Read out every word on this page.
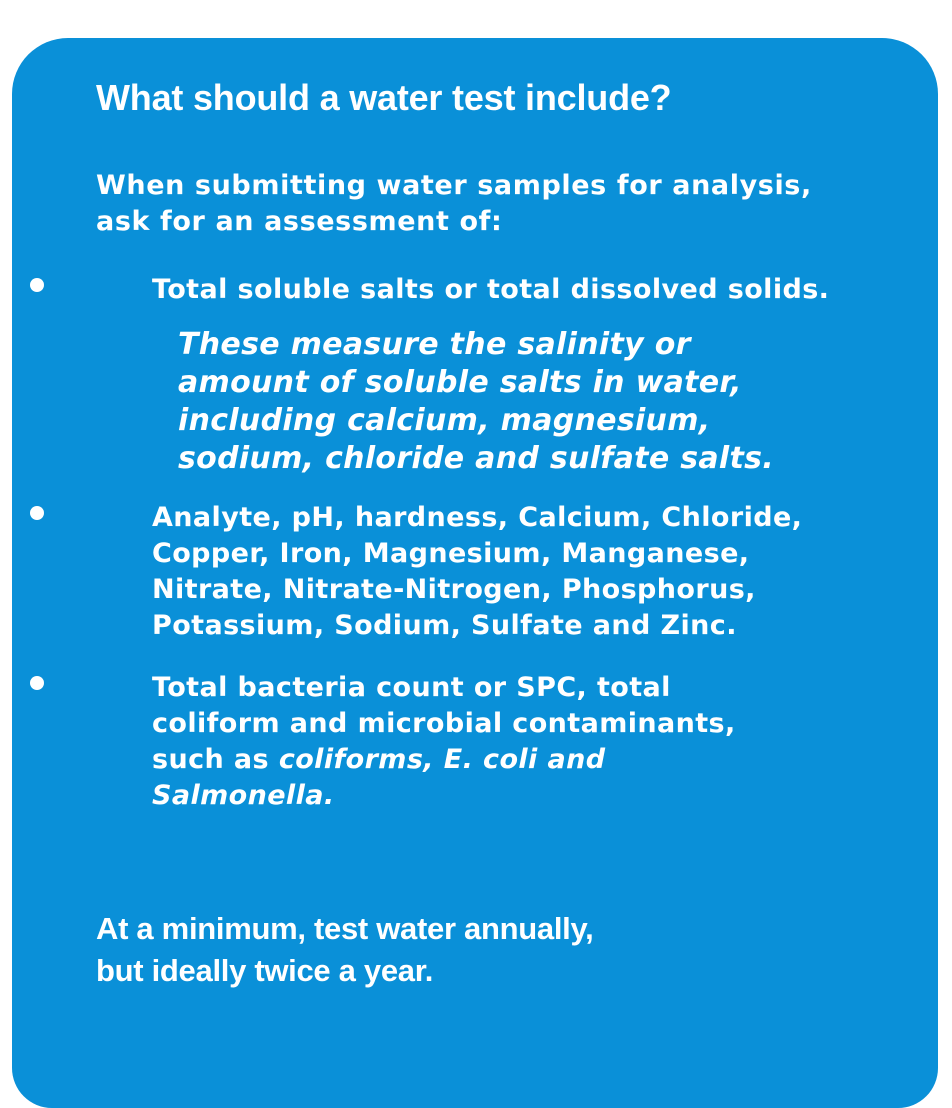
What should a water test include?

When submitting water samples for analysis,
ask for an assessment of:

Total soluble salts or total dissolved solids.

These measure the salinity or
amount of soluble salts in water,
including calcium, magnesium,
sodium, chloride and sulfate salts.

Analyte, pH, hardness, Calcium, Chloride,
Copper, Iron, Magnesium, Manganese,
Nitrate, Nitrate-Nitrogen, Phosphorus,
Potassium, Sodium, Sulfate and Zinc.

Total bacteria count or SPC, total
coliform and microbial contaminants,
such as coliforms, E. coli and
Salmonella.

At a minimum, test water annually,
but ideally twice a year.
